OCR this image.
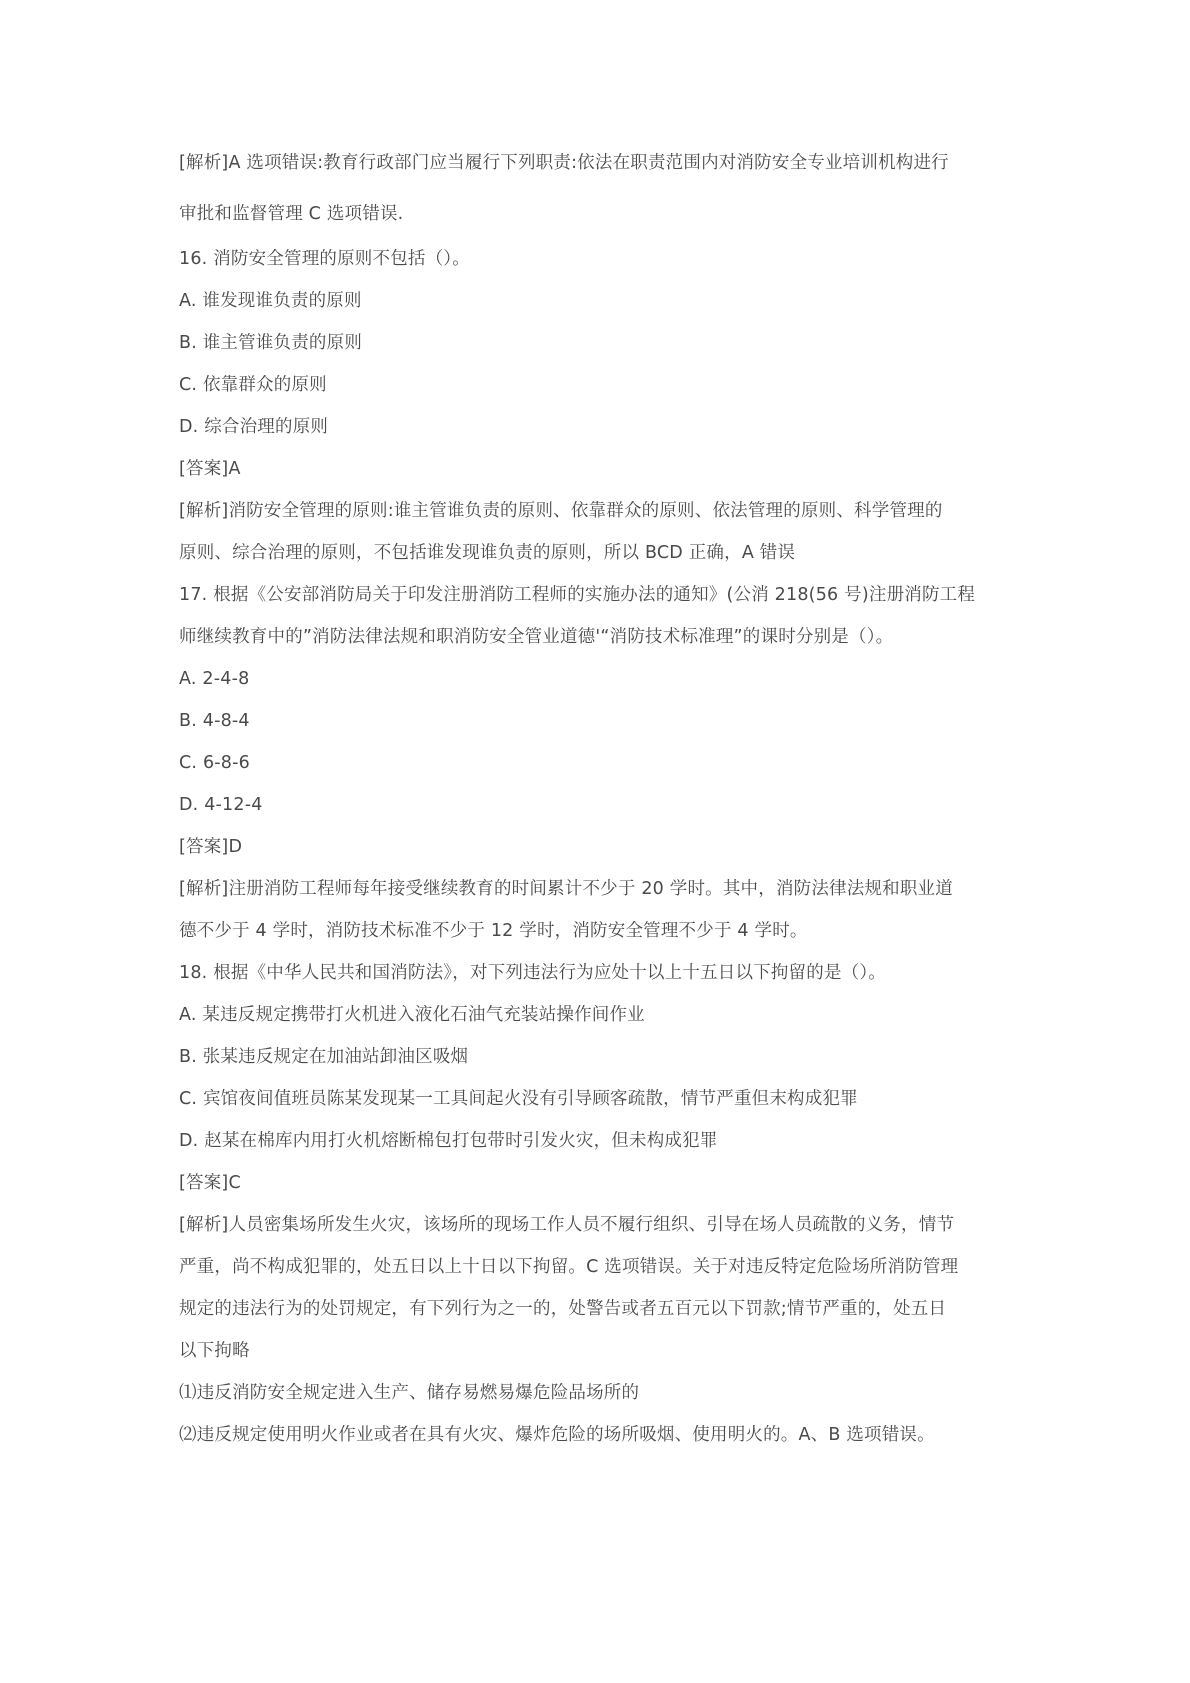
[解析]A 选项错误:教育行政部门应当履行下列职责:依法在职责范围内对消防安全专业培训机构进行
审批和监督管理 C 选项错误.
16. 消防安全管理的原则不包括（）。
A. 谁发现谁负责的原则
B. 谁主管谁负责的原则
C. 依靠群众的原则
D. 综合治理的原则
[答案]A
[解析]消防安全管理的原则:谁主管谁负责的原则、依靠群众的原则、依法管理的原则、科学管理的
原则、综合治理的原则，不包括谁发现谁负责的原则，所以 BCD 正确，A 错误
17. 根据《公安部消防局关于印发注册消防工程师的实施办法的通知》(公消 218(56 号)注册消防工程
师继续教育中的”消防法律法规和职消防安全管业道德'“消防技术标准理”的课时分别是（）。
A. 2-4-8
B. 4-8-4
C. 6-8-6
D. 4-12-4
[答案]D
[解析]注册消防工程师每年接受继续教育的时间累计不少于 20 学时。其中，消防法律法规和职业道
德不少于 4 学时，消防技术标准不少于 12 学时，消防安全管理不少于 4 学时。
18. 根据《中华人民共和国消防法》，对下列违法行为应处十以上十五日以下拘留的是（）。
A. 某违反规定携带打火机进入液化石油气充装站操作间作业
B. 张某违反规定在加油站卸油区吸烟
C. 宾馆夜间值班员陈某发现某一工具间起火没有引导顾客疏散，情节严重但末构成犯罪
D. 赵某在棉库内用打火机熔断棉包打包带时引发火灾，但未构成犯罪
[答案]C
[解析]人员密集场所发生火灾，该场所的现场工作人员不履行组织、引导在场人员疏散的义务，情节
严重，尚不构成犯罪的，处五日以上十日以下拘留。C 选项错误。关于对违反特定危险场所消防管理
规定的违法行为的处罚规定，有下列行为之一的，处警告或者五百元以下罚款;情节严重的，处五日
以下拘略
⑴违反消防安全规定进入生产、储存易燃易爆危险品场所的
⑵违反规定使用明火作业或者在具有火灾、爆炸危险的场所吸烟、使用明火的。A、B 选项错误。
